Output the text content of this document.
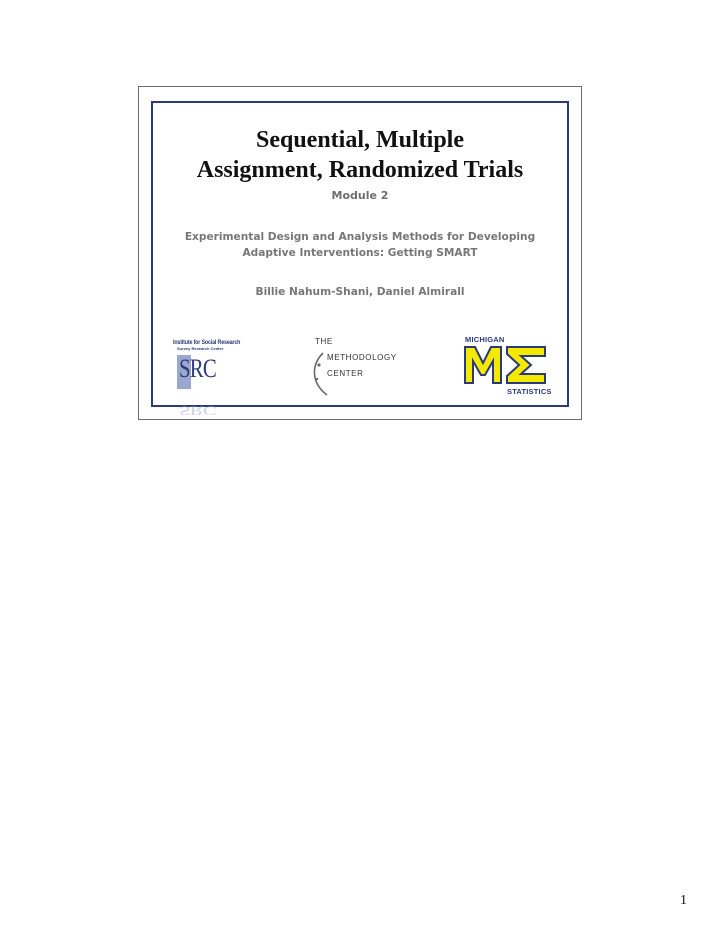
Sequential, Multiple
Assignment, Randomized Trials
Module 2
Experimental Design and Analysis Methods for Developing
Adaptive Interventions: Getting SMART
Billie Nahum-Shani, Daniel Almirall
Institute for Social Research
Survey Research Center
SRC
SRC
THE
METHODOLOGY
CENTER
MICHIGAN
STATISTICS
1
